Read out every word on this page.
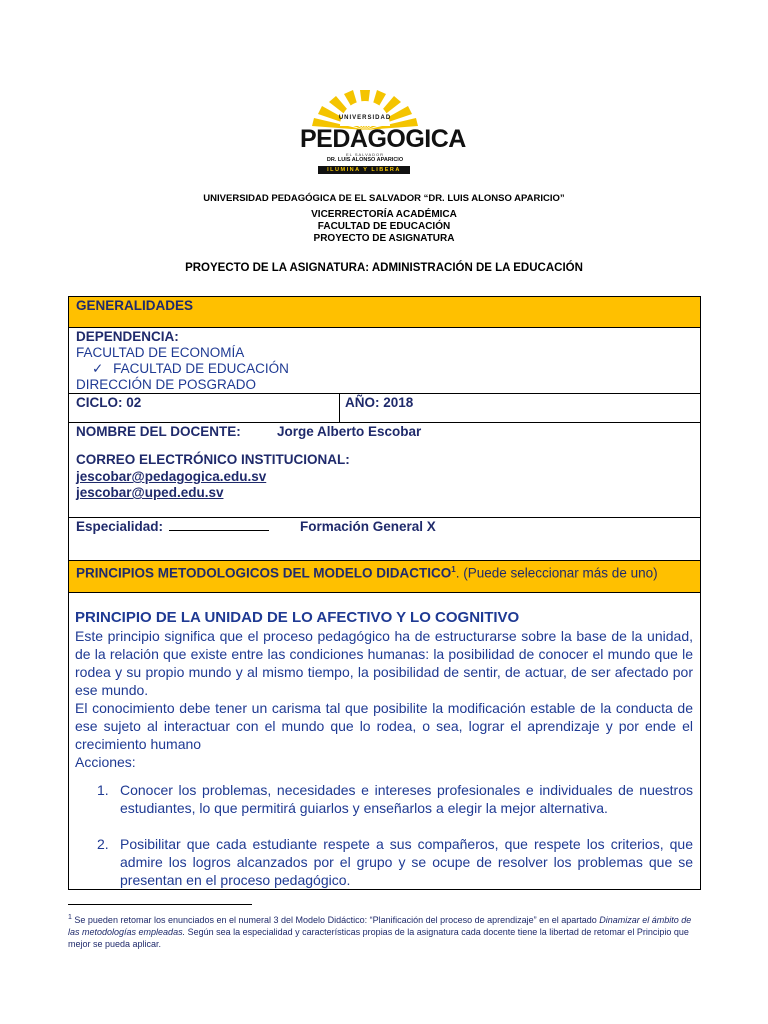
UNIVERSIDAD
PEDAGOGICA
EL SALVADOR
DR. LUIS ALONSO APARICIO
ILUMINA Y LIBERA
UNIVERSIDAD PEDAGÓGICA DE EL SALVADOR “DR. LUIS ALONSO APARICIO”
VICERRECTORÍA ACADÉMICA
FACULTAD DE EDUCACIÓN
PROYECTO DE ASIGNATURA
PROYECTO DE LA ASIGNATURA: ADMINISTRACIÓN DE LA EDUCACIÓN
GENERALIDADES
DEPENDENCIA:
FACULTAD DE ECONOMÍA
✓ FACULTAD DE EDUCACIÓN
DIRECCIÓN DE POSGRADO
CICLO: 02	AÑO: 2018
NOMBRE DEL DOCENTE:	Jorge Alberto Escobar
CORREO ELECTRÓNICO INSTITUCIONAL:
jescobar@pedagogica.edu.sv
jescobar@uped.edu.sv
Especialidad:	Formación General X
PRINCIPIOS METODOLOGICOS DEL MODELO DIDACTICO$^1$. (Puede seleccionar más de uno)
PRINCIPIO DE LA UNIDAD DE LO AFECTIVO Y LO COGNITIVO
Este principio significa que el proceso pedagógico ha de estructurarse sobre la base de la unidad, de la relación que existe entre las condiciones humanas: la posibilidad de conocer el mundo que le rodea y su propio mundo y al mismo tiempo, la posibilidad de sentir, de actuar, de ser afectado por ese mundo.
El conocimiento debe tener un carisma tal que posibilite la modificación estable de la conducta de ese sujeto al interactuar con el mundo que lo rodea, o sea, lograr el aprendizaje y por ende el crecimiento humano
Acciones:
1. Conocer los problemas, necesidades e intereses profesionales e individuales de nuestros estudiantes, lo que permitirá guiarlos y enseñarlos a elegir la mejor alternativa.
2. Posibilitar que cada estudiante respete a sus compañeros, que respete los criterios, que admire los logros alcanzados por el grupo y se ocupe de resolver los problemas que se presentan en el proceso pedagógico.
$^1$ Se pueden retomar los enunciados en el numeral 3 del Modelo Didáctico: “Planificación del proceso de aprendizaje” en el apartado Dinamizar el ámbito de las metodologías empleadas. Según sea la especialidad y características propias de la asignatura cada docente tiene la libertad de retomar el Principio que mejor se pueda aplicar.
